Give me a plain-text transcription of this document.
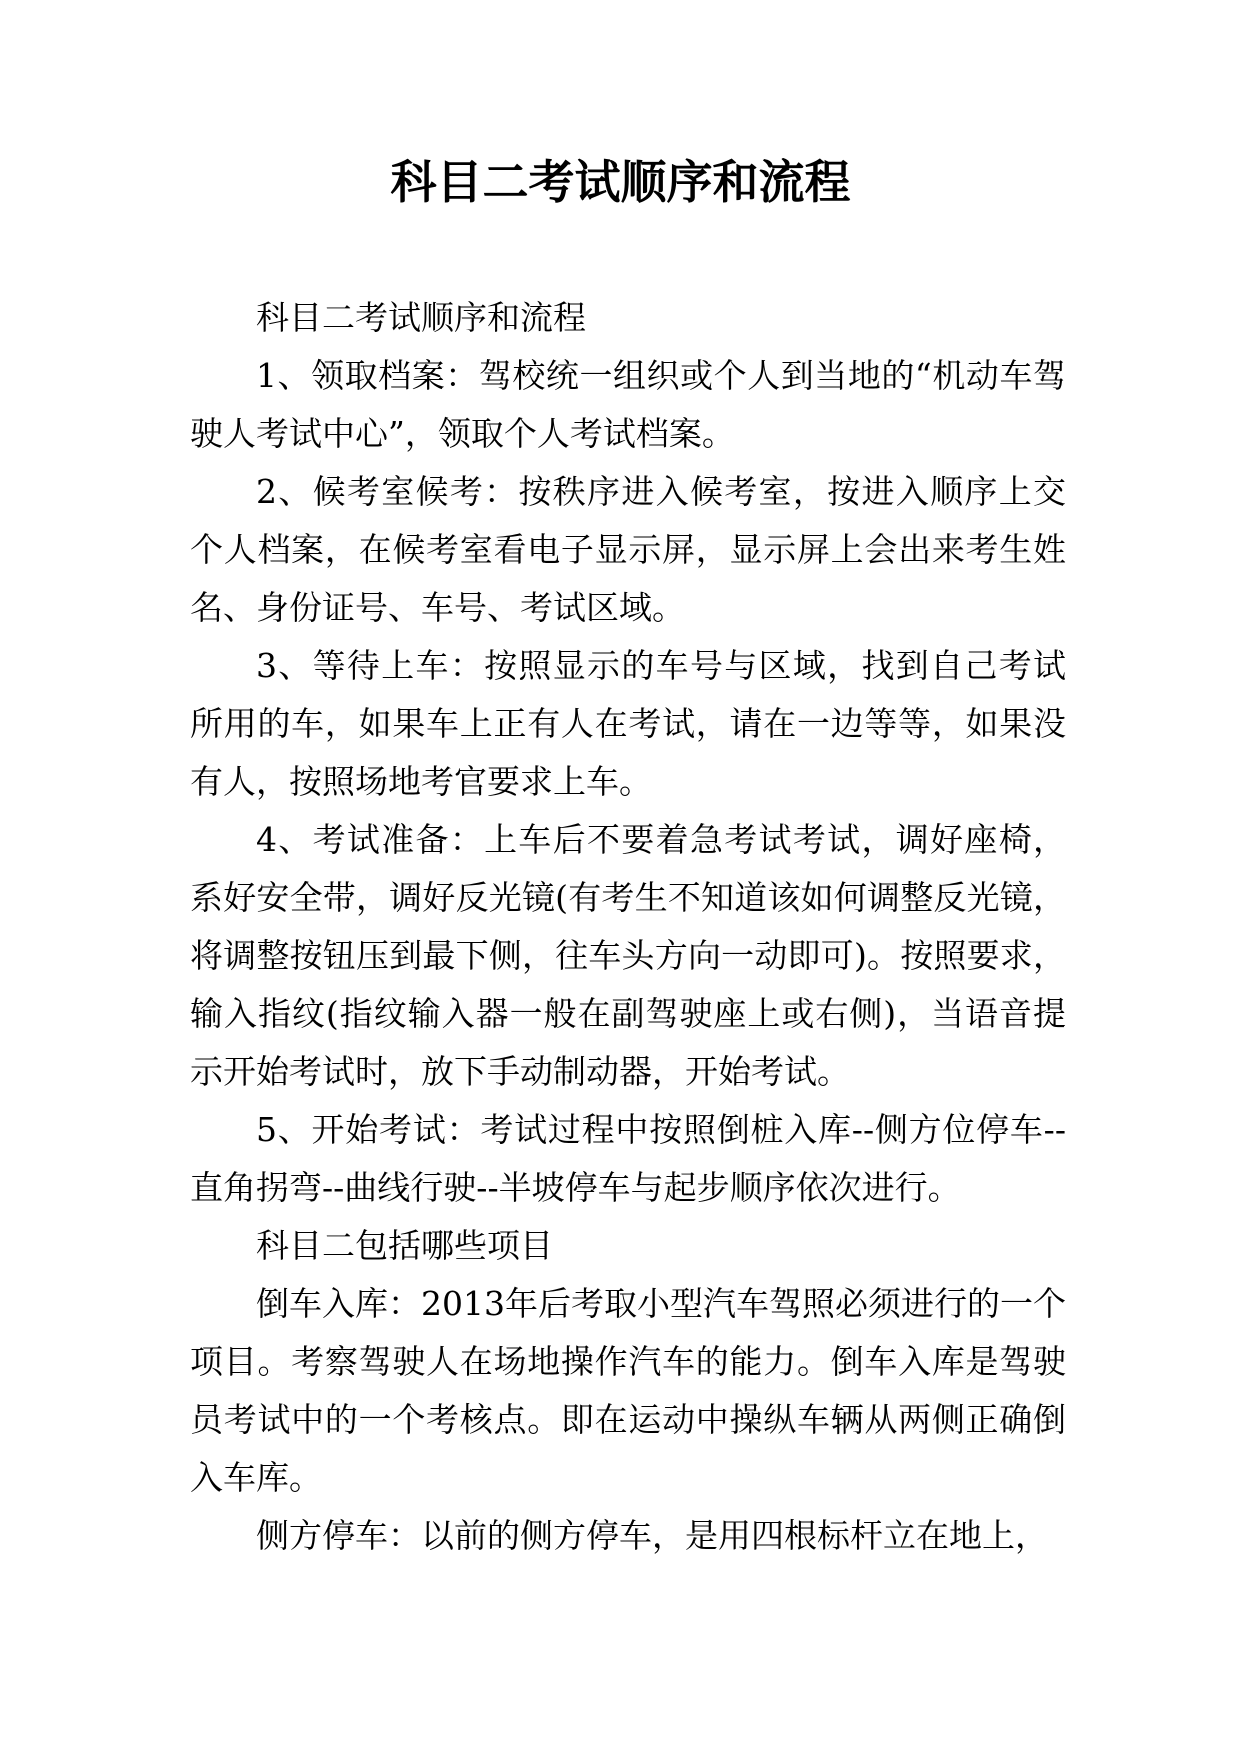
科目二考试顺序和流程

科目二考试顺序和流程

1、领取档案：驾校统一组织或个人到当地的“机动车驾驶人考试中心”，领取个人考试档案。

2、候考室候考：按秩序进入候考室，按进入顺序上交个人档案，在候考室看电子显示屏，显示屏上会出来考生姓名、身份证号、车号、考试区域。

3、等待上车：按照显示的车号与区域，找到自己考试所用的车，如果车上正有人在考试，请在一边等等，如果没有人，按照场地考官要求上车。

4、考试准备：上车后不要着急考试考试，调好座椅，系好安全带，调好反光镜(有考生不知道该如何调整反光镜，将调整按钮压到最下侧，往车头方向一动即可)。按照要求，输入指纹(指纹输入器一般在副驾驶座上或右侧)，当语音提示开始考试时，放下手动制动器，开始考试。

5、开始考试：考试过程中按照倒桩入库--侧方位停车--直角拐弯--曲线行驶--半坡停车与起步顺序依次进行。

科目二包括哪些项目

倒车入库：2013年后考取小型汽车驾照必须进行的一个项目。考察驾驶人在场地操作汽车的能力。倒车入库是驾驶员考试中的一个考核点。即在运动中操纵车辆从两侧正确倒入车库。

侧方停车：以前的侧方停车，是用四根标杆立在地上，
